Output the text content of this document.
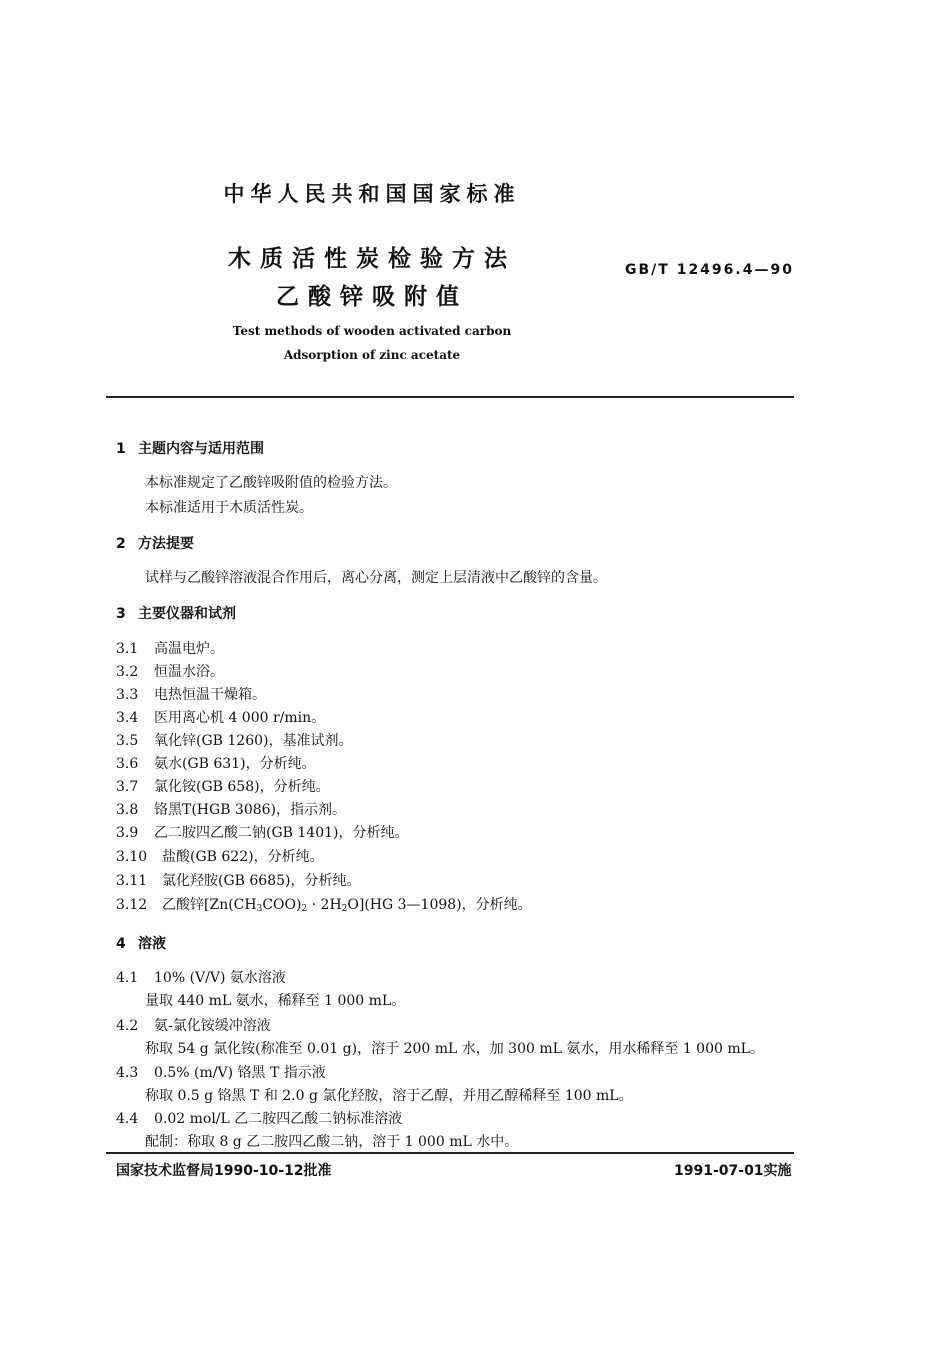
中华人民共和国国家标准
木质活性炭检验方法
乙酸锌吸附值
GB/T 12496.4—90
Test methods of wooden activated carbon
Adsorption of zinc acetate
1 主题内容与适用范围
本标准规定了乙酸锌吸附值的检验方法。
本标准适用于木质活性炭。
2 方法提要
试样与乙酸锌溶液混合作用后，离心分离，测定上层清液中乙酸锌的含量。
3 主要仪器和试剂
3.1 高温电炉。
3.2 恒温水浴。
3.3 电热恒温干燥箱。
3.4 医用离心机 4 000 r/min。
3.5 氧化锌(GB 1260)，基准试剂。
3.6 氨水(GB 631)，分析纯。
3.7 氯化铵(GB 658)，分析纯。
3.8 铬黑T(HGB 3086)，指示剂。
3.9 乙二胺四乙酸二钠(GB 1401)，分析纯。
3.10 盐酸(GB 622)，分析纯。
3.11 氯化羟胺(GB 6685)，分析纯。
3.12 乙酸锌$[Zn(CH_3COO)_2 \cdot 2H_2O](HG$ 3—1098)，分析纯。
4 溶液
4.1 10% (V/V) 氨水溶液
量取 440 mL 氨水，稀释至 1 000 mL。
4.2 氨-氯化铵缓冲溶液
称取 54 g 氯化铵(称准至 0.01 g)，溶于 200 mL 水，加 300 mL 氨水，用水稀释至 1 000 mL。
4.3 0.5% (m/V) 铬黑 T 指示液
称取 0.5 g 铬黑 T 和 2.0 g 氯化羟胺，溶于乙醇，并用乙醇稀释至 100 mL。
4.4 0.02 mol/L 乙二胺四乙酸二钠标准溶液
配制：称取 8 g 乙二胺四乙酸二钠，溶于 1 000 mL 水中。
国家技术监督局1990-10-12批准	1991-07-01实施
